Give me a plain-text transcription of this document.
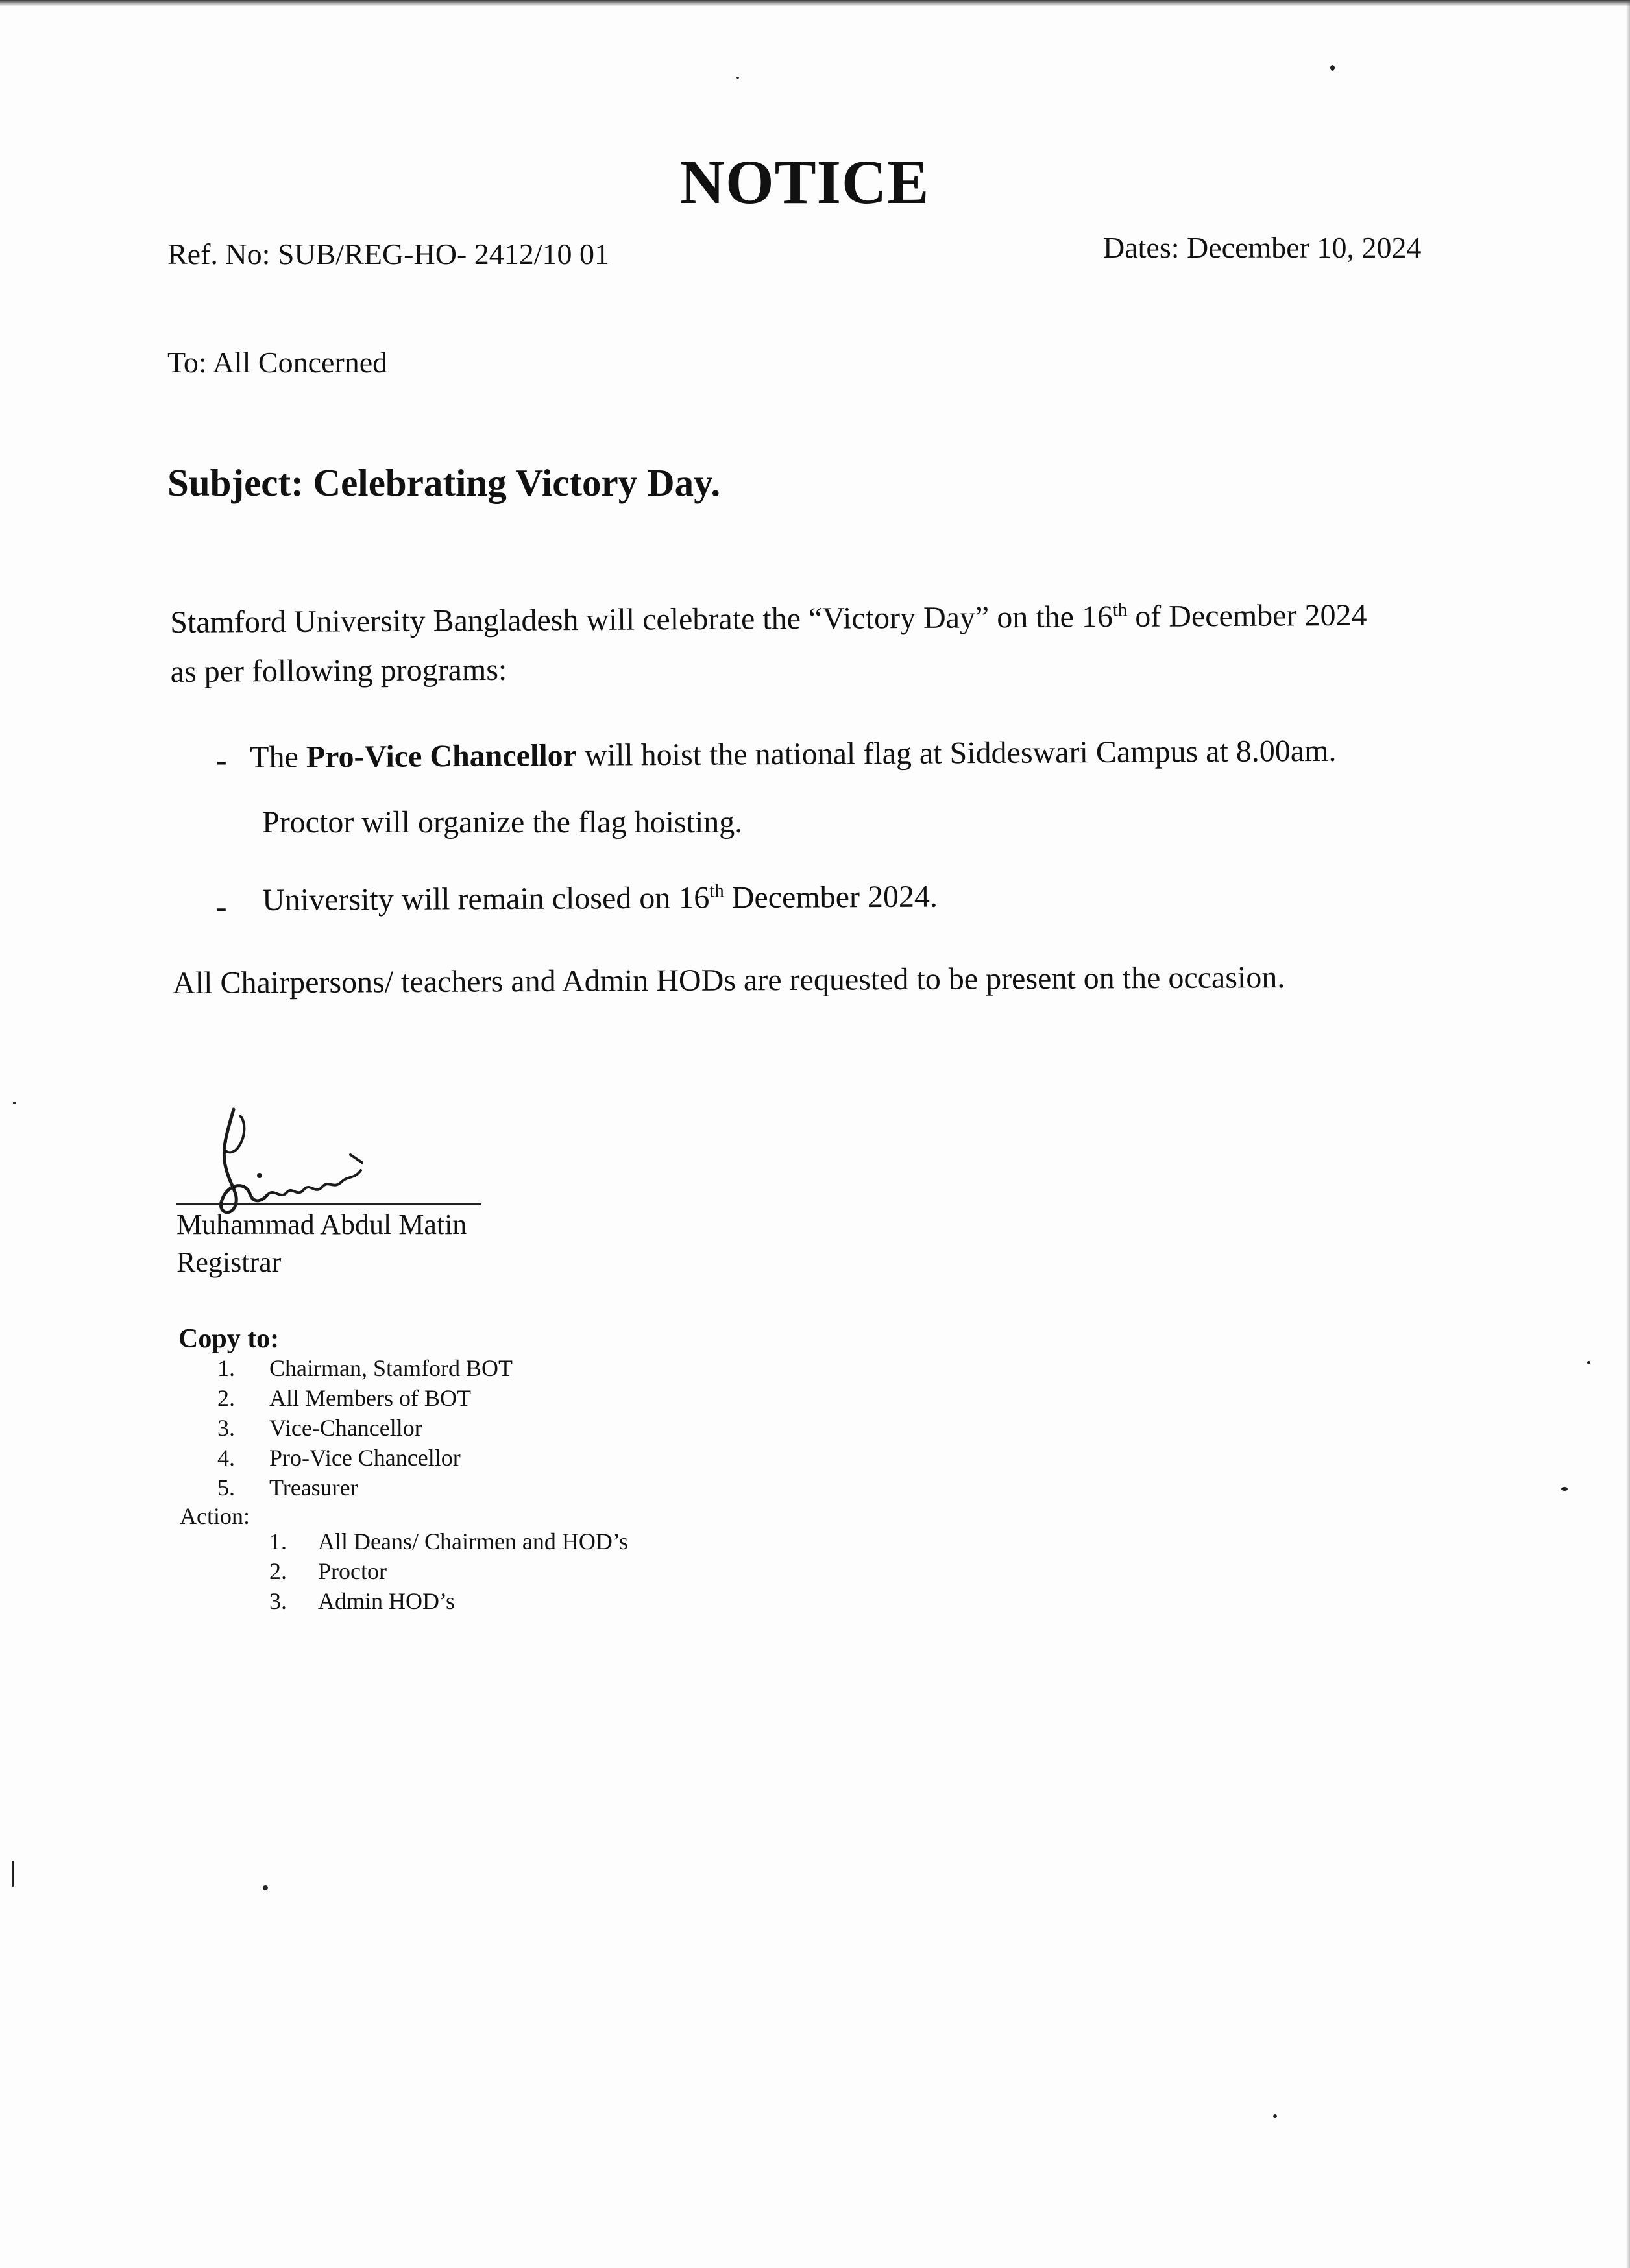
NOTICE
Ref. No: SUB/REG-HO- 2412/10 01	Dates: December 10, 2024
To: All Concerned
Subject: Celebrating Victory Day.
Stamford University Bangladesh will celebrate the “Victory Day” on the 16th of December 2024
as per following programs:
- The Pro-Vice Chancellor will hoist the national flag at Siddeswari Campus at 8.00am.
Proctor will organize the flag hoisting.
- University will remain closed on 16th December 2024.
All Chairpersons/ teachers and Admin HODs are requested to be present on the occasion.
Muhammad Abdul Matin
Registrar
Copy to:
1. Chairman, Stamford BOT
2. All Members of BOT
3. Vice-Chancellor
4. Pro-Vice Chancellor
5. Treasurer
Action:
1. All Deans/ Chairmen and HOD’s
2. Proctor
3. Admin HOD’s
